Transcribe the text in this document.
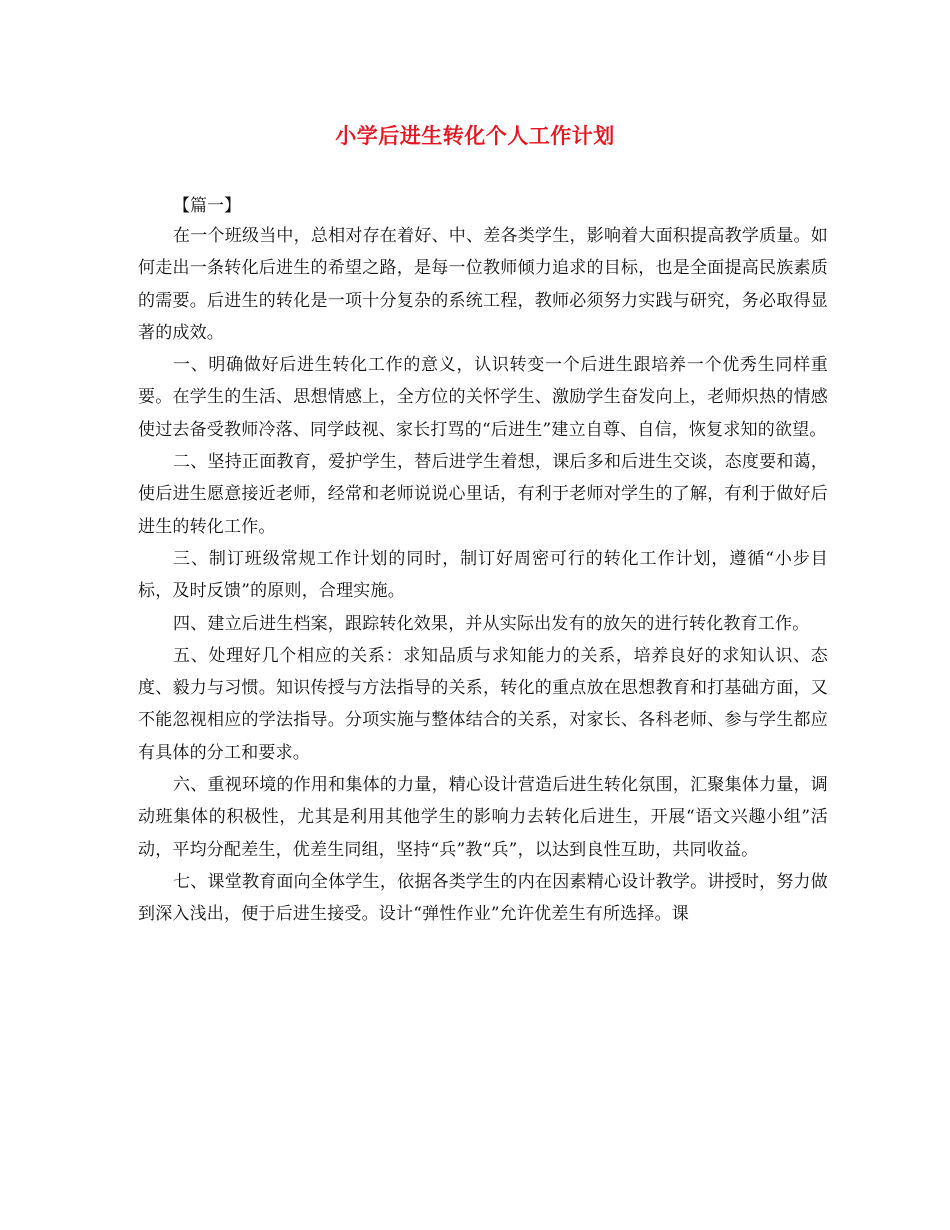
小学后进生转化个人工作计划

【篇一】

在一个班级当中，总相对存在着好、中、差各类学生，影响着大面积提高教学质量。如何走出一条转化后进生的希望之路，是每一位教师倾力追求的目标，也是全面提高民族素质的需要。后进生的转化是一项十分复杂的系统工程，教师必须努力实践与研究，务必取得显著的成效。

一、明确做好后进生转化工作的意义，认识转变一个后进生跟培养一个优秀生同样重要。在学生的生活、思想情感上，全方位的关怀学生、激励学生奋发向上，老师炽热的情感使过去备受教师冷落、同学歧视、家长打骂的“后进生”建立自尊、自信，恢复求知的欲望。

二、坚持正面教育，爱护学生，替后进学生着想，课后多和后进生交谈，态度要和蔼，使后进生愿意接近老师，经常和老师说说心里话，有利于老师对学生的了解，有利于做好后进生的转化工作。

三、制订班级常规工作计划的同时，制订好周密可行的转化工作计划，遵循“小步目标，及时反馈”的原则，合理实施。

四、建立后进生档案，跟踪转化效果，并从实际出发有的放矢的进行转化教育工作。

五、处理好几个相应的关系：求知品质与求知能力的关系，培养良好的求知认识、态度、毅力与习惯。知识传授与方法指导的关系，转化的重点放在思想教育和打基础方面，又不能忽视相应的学法指导。分项实施与整体结合的关系，对家长、各科老师、参与学生都应有具体的分工和要求。

六、重视环境的作用和集体的力量，精心设计营造后进生转化氛围，汇聚集体力量，调动班集体的积极性，尤其是利用其他学生的影响力去转化后进生，开展“语文兴趣小组”活动，平均分配差生，优差生同组，坚持“兵”教“兵”，以达到良性互助，共同收益。

七、课堂教育面向全体学生，依据各类学生的内在因素精心设计教学。讲授时，努力做到深入浅出，便于后进生接受。设计“弹性作业”允许优差生有所选择。课
